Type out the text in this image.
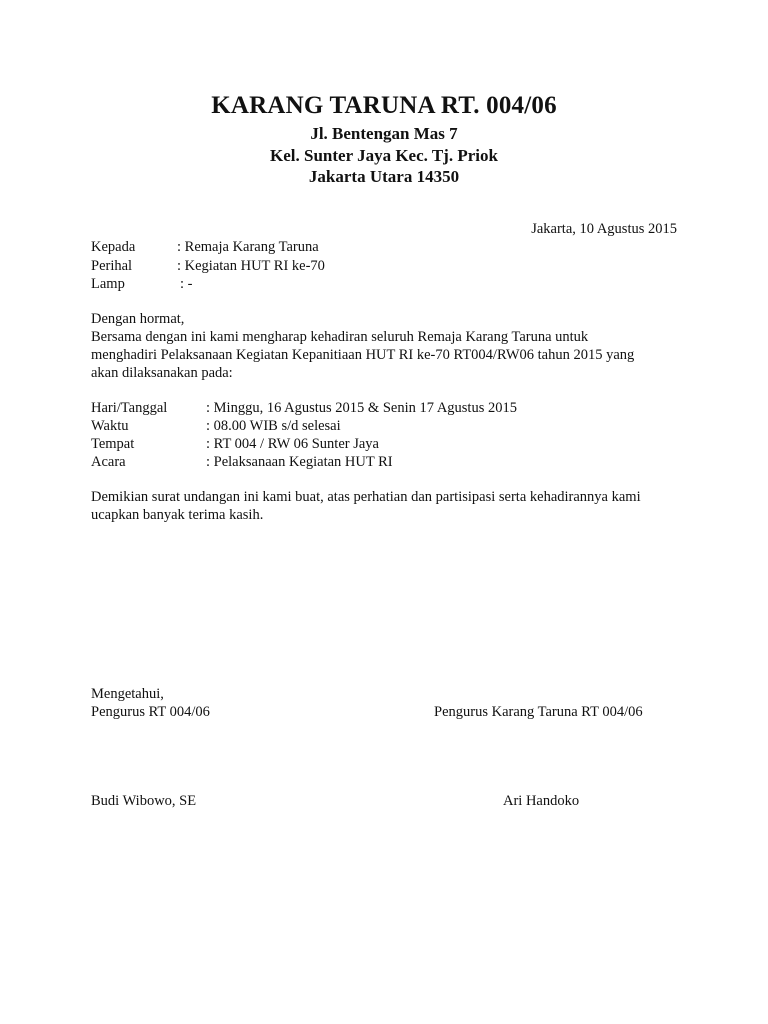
KARANG TARUNA RT. 004/06
Jl. Bentengan Mas 7
Kel. Sunter Jaya Kec. Tj. Priok
Jakarta Utara 14350
Jakarta, 10 Agustus 2015
Kepada	: Remaja Karang Taruna
Perihal	: Kegiatan HUT RI ke-70
Lamp	: -
Dengan hormat,
Bersama dengan ini kami mengharap kehadiran seluruh Remaja Karang Taruna untuk
menghadiri Pelaksanaan Kegiatan Kepanitiaan HUT RI ke-70 RT004/RW06 tahun 2015 yang
akan dilaksanakan pada:
Hari/Tanggal	: Minggu, 16 Agustus 2015 & Senin 17 Agustus 2015
Waktu	: 08.00 WIB s/d selesai
Tempat	: RT 004 / RW 06 Sunter Jaya
Acara	: Pelaksanaan Kegiatan HUT RI
Demikian surat undangan ini kami buat, atas perhatian dan partisipasi serta kehadirannya kami
ucapkan banyak terima kasih.
Mengetahui,
Pengurus RT 004/06	Pengurus Karang Taruna RT 004/06
Budi Wibowo, SE	Ari Handoko
